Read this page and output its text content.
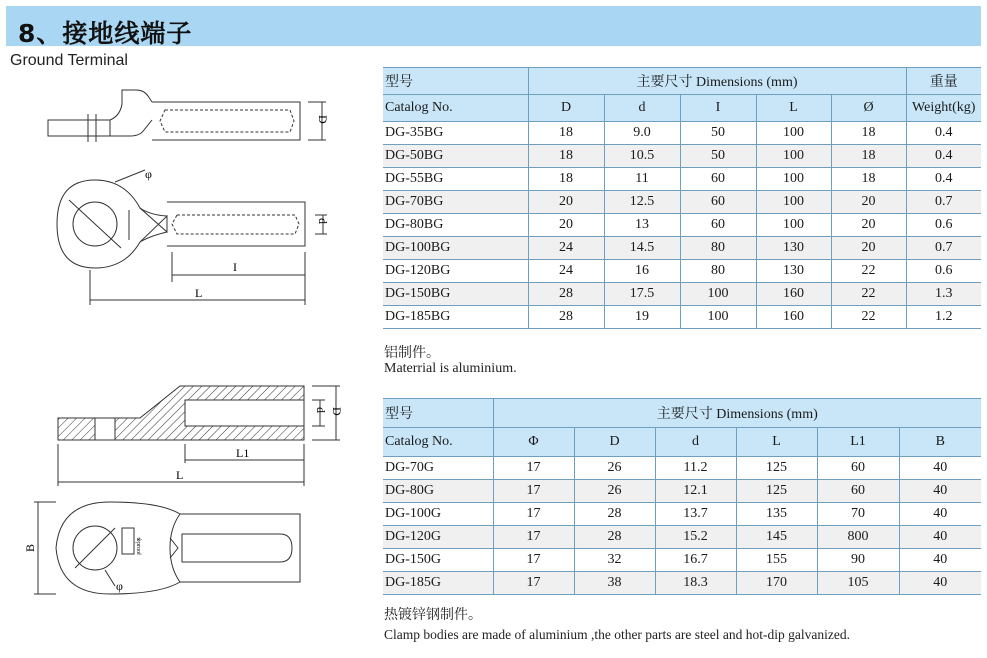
8、接地线端子
Ground Terminal
D
φ
d
I
L
d D
L1
L
※proof
B
φ
型号	主要尺寸 Dimensions (mm)					重量
Catalog No.	D	d	I	L	Ø	Weight(kg)
DG-35BG	18	9.0	50	100	18	0.4
DG-50BG	18	10.5	50	100	18	0.4
DG-55BG	18	11	60	100	18	0.4
DG-70BG	20	12.5	60	100	20	0.7
DG-80BG	20	13	60	100	20	0.6
DG-100BG	24	14.5	80	130	20	0.7
DG-120BG	24	16	80	130	22	0.6
DG-150BG	28	17.5	100	160	22	1.3
DG-185BG	28	19	100	160	22	1.2
铝制件。
Materrial is aluminium.
型号	主要尺寸 Dimensions (mm)					
Catalog No.	Φ	D	d	L	L1	B
DG-70G	17	26	11.2	125	60	40
DG-80G	17	26	12.1	125	60	40
DG-100G	17	28	13.7	135	70	40
DG-120G	17	28	15.2	145	800	40
DG-150G	17	32	16.7	155	90	40
DG-185G	17	38	18.3	170	105	40
热镀锌钢制件。
Clamp bodies are made of aluminium ,the other parts are steel and hot-dip galvanized.
